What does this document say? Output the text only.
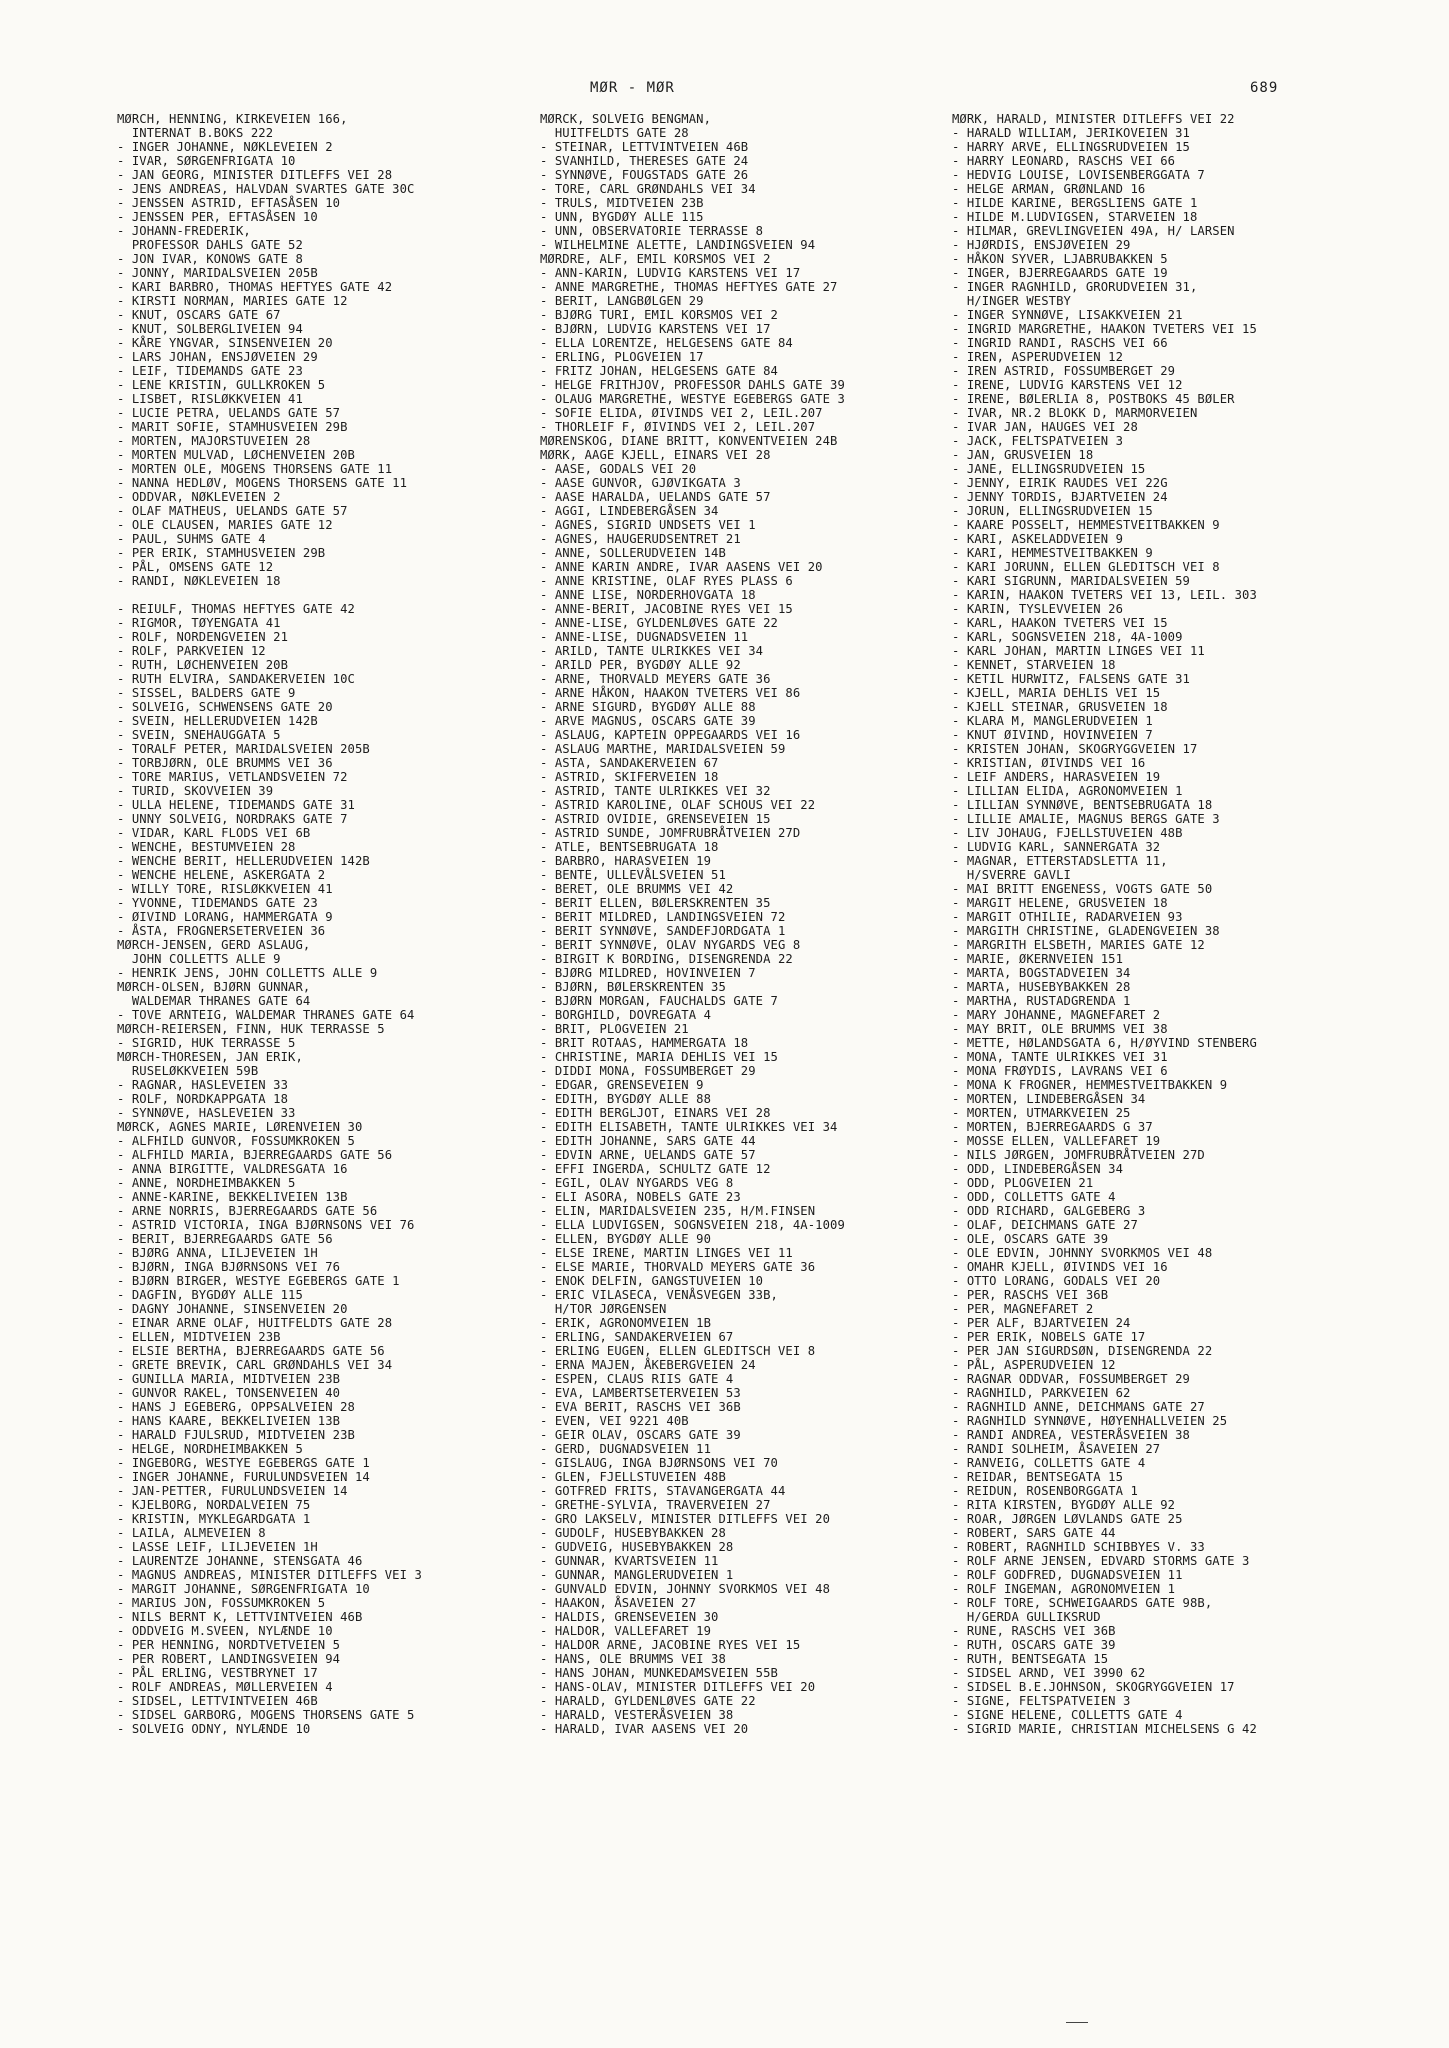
MØR - MØR	689
MØRCH, HENNING, KIRKEVEIEN 166,
INTERNAT B.BOKS 222
- INGER JOHANNE, NØKLEVEIEN 2
- IVAR, SØRGENFRIGATA 10
- JAN GEORG, MINISTER DITLEFFS VEI 28
- JENS ANDREAS, HALVDAN SVARTES GATE 30C
- JENSSEN ASTRID, EFTASÅSEN 10
- JENSSEN PER, EFTASÅSEN 10
- JOHANN-FREDERIK,
PROFESSOR DAHLS GATE 52
- JON IVAR, KONOWS GATE 8
- JONNY, MARIDALSVEIEN 205B
- KARI BARBRO, THOMAS HEFTYES GATE 42
- KIRSTI NORMAN, MARIES GATE 12
- KNUT, OSCARS GATE 67
- KNUT, SOLBERGLIVEIEN 94
- KÅRE YNGVAR, SINSENVEIEN 20
- LARS JOHAN, ENSJØVEIEN 29
- LEIF, TIDEMANDS GATE 23
- LENE KRISTIN, GULLKROKEN 5
- LISBET, RISLØKKVEIEN 41
- LUCIE PETRA, UELANDS GATE 57
- MARIT SOFIE, STAMHUSVEIEN 29B
- MORTEN, MAJORSTUVEIEN 28
- MORTEN MULVAD, LØCHENVEIEN 20B
- MORTEN OLE, MOGENS THORSENS GATE 11
- NANNA HEDLØV, MOGENS THORSENS GATE 11
- ODDVAR, NØKLEVEIEN 2
- OLAF MATHEUS, UELANDS GATE 57
- OLE CLAUSEN, MARIES GATE 12
- PAUL, SUHMS GATE 4
- PER ERIK, STAMHUSVEIEN 29B
- PÅL, OMSENS GATE 12
- RANDI, NØKLEVEIEN 18
- REIULF, THOMAS HEFTYES GATE 42
- RIGMOR, TØYENGATA 41
- ROLF, NORDENGVEIEN 21
- ROLF, PARKVEIEN 12
- RUTH, LØCHENVEIEN 20B
- RUTH ELVIRA, SANDAKERVEIEN 10C
- SISSEL, BALDERS GATE 9
- SOLVEIG, SCHWENSENS GATE 20
- SVEIN, HELLERUDVEIEN 142B
- SVEIN, SNEHAUGGATA 5
- TORALF PETER, MARIDALSVEIEN 205B
- TORBJØRN, OLE BRUMMS VEI 36
- TORE MARIUS, VETLANDSVEIEN 72
- TURID, SKOVVEIEN 39
- ULLA HELENE, TIDEMANDS GATE 31
- UNNY SOLVEIG, NORDRAKS GATE 7
- VIDAR, KARL FLODS VEI 6B
- WENCHE, BESTUMVEIEN 28
- WENCHE BERIT, HELLERUDVEIEN 142B
- WENCHE HELENE, ASKERGATA 2
- WILLY TORE, RISLØKKVEIEN 41
- YVONNE, TIDEMANDS GATE 23
- ØIVIND LORANG, HAMMERGATA 9
- ÅSTA, FROGNERSETERVEIEN 36
MØRCH-JENSEN, GERD ASLAUG,
JOHN COLLETTS ALLE 9
- HENRIK JENS, JOHN COLLETTS ALLE 9
MØRCH-OLSEN, BJØRN GUNNAR,
WALDEMAR THRANES GATE 64
- TOVE ARNTEIG, WALDEMAR THRANES GATE 64
MØRCH-REIERSEN, FINN, HUK TERRASSE 5
- SIGRID, HUK TERRASSE 5
MØRCH-THORESEN, JAN ERIK,
RUSELØKKVEIEN 59B
- RAGNAR, HASLEVEIEN 33
- ROLF, NORDKAPPGATA 18
- SYNNØVE, HASLEVEIEN 33
MØRCK, AGNES MARIE, LØRENVEIEN 30
- ALFHILD GUNVOR, FOSSUMKROKEN 5
- ALFHILD MARIA, BJERREGAARDS GATE 56
- ANNA BIRGITTE, VALDRESGATA 16
- ANNE, NORDHEIMBAKKEN 5
- ANNE-KARINE, BEKKELIVEIEN 13B
- ARNE NORRIS, BJERREGAARDS GATE 56
- ASTRID VICTORIA, INGA BJØRNSONS VEI 76
- BERIT, BJERREGAARDS GATE 56
- BJØRG ANNA, LILJEVEIEN 1H
- BJØRN, INGA BJØRNSONS VEI 76
- BJØRN BIRGER, WESTYE EGEBERGS GATE 1
- DAGFIN, BYGDØY ALLE 115
- DAGNY JOHANNE, SINSENVEIEN 20
- EINAR ARNE OLAF, HUITFELDTS GATE 28
- ELLEN, MIDTVEIEN 23B
- ELSIE BERTHA, BJERREGAARDS GATE 56
- GRETE BREVIK, CARL GRØNDAHLS VEI 34
- GUNILLA MARIA, MIDTVEIEN 23B
- GUNVOR RAKEL, TONSENVEIEN 40
- HANS J EGEBERG, OPPSALVEIEN 28
- HANS KAARE, BEKKELIVEIEN 13B
- HARALD FJULSRUD, MIDTVEIEN 23B
- HELGE, NORDHEIMBAKKEN 5
- INGEBORG, WESTYE EGEBERGS GATE 1
- INGER JOHANNE, FURULUNDSVEIEN 14
- JAN-PETTER, FURULUNDSVEIEN 14
- KJELBORG, NORDALVEIEN 75
- KRISTIN, MYKLEGARDGATA 1
- LAILA, ALMEVEIEN 8
- LASSE LEIF, LILJEVEIEN 1H
- LAURENTZE JOHANNE, STENSGATA 46
- MAGNUS ANDREAS, MINISTER DITLEFFS VEI 3
- MARGIT JOHANNE, SØRGENFRIGATA 10
- MARIUS JON, FOSSUMKROKEN 5
- NILS BERNT K, LETTVINTVEIEN 46B
- ODDVEIG M.SVEEN, NYLÆNDE 10
- PER HENNING, NORDTVETVEIEN 5
- PER ROBERT, LANDINGSVEIEN 94
- PÅL ERLING, VESTBRYNET 17
- ROLF ANDREAS, MØLLERVEIEN 4
- SIDSEL, LETTVINTVEIEN 46B
- SIDSEL GARBORG, MOGENS THORSENS GATE 5
- SOLVEIG ODNY, NYLÆNDE 10
MØRCK, SOLVEIG BENGMAN,
HUITFELDTS GATE 28
- STEINAR, LETTVINTVEIEN 46B
- SVANHILD, THERESES GATE 24
- SYNNØVE, FOUGSTADS GATE 26
- TORE, CARL GRØNDAHLS VEI 34
- TRULS, MIDTVEIEN 23B
- UNN, BYGDØY ALLE 115
- UNN, OBSERVATORIE TERRASSE 8
- WILHELMINE ALETTE, LANDINGSVEIEN 94
MØRDRE, ALF, EMIL KORSMOS VEI 2
- ANN-KARIN, LUDVIG KARSTENS VEI 17
- ANNE MARGRETHE, THOMAS HEFTYES GATE 27
- BERIT, LANGBØLGEN 29
- BJØRG TURI, EMIL KORSMOS VEI 2
- BJØRN, LUDVIG KARSTENS VEI 17
- ELLA LORENTZE, HELGESENS GATE 84
- ERLING, PLOGVEIEN 17
- FRITZ JOHAN, HELGESENS GATE 84
- HELGE FRITHJOV, PROFESSOR DAHLS GATE 39
- OLAUG MARGRETHE, WESTYE EGEBERGS GATE 3
- SOFIE ELIDA, ØIVINDS VEI 2, LEIL.207
- THORLEIF F, ØIVINDS VEI 2, LEIL.207
MØRENSKOG, DIANE BRITT, KONVENTVEIEN 24B
MØRK, AAGE KJELL, EINARS VEI 28
- AASE, GODALS VEI 20
- AASE GUNVOR, GJØVIKGATA 3
- AASE HARALDA, UELANDS GATE 57
- AGGI, LINDEBERGÅSEN 34
- AGNES, SIGRID UNDSETS VEI 1
- AGNES, HAUGERUDSENTRET 21
- ANNE, SOLLERUDVEIEN 14B
- ANNE KARIN ANDRE, IVAR AASENS VEI 20
- ANNE KRISTINE, OLAF RYES PLASS 6
- ANNE LISE, NORDERHOVGATA 18
- ANNE-BERIT, JACOBINE RYES VEI 15
- ANNE-LISE, GYLDENLØVES GATE 22
- ANNE-LISE, DUGNADSVEIEN 11
- ARILD, TANTE ULRIKKES VEI 34
- ARILD PER, BYGDØY ALLE 92
- ARNE, THORVALD MEYERS GATE 36
- ARNE HÅKON, HAAKON TVETERS VEI 86
- ARNE SIGURD, BYGDØY ALLE 88
- ARVE MAGNUS, OSCARS GATE 39
- ASLAUG, KAPTEIN OPPEGAARDS VEI 16
- ASLAUG MARTHE, MARIDALSVEIEN 59
- ASTA, SANDAKERVEIEN 67
- ASTRID, SKIFERVEIEN 18
- ASTRID, TANTE ULRIKKES VEI 32
- ASTRID KAROLINE, OLAF SCHOUS VEI 22
- ASTRID OVIDIE, GRENSEVEIEN 15
- ASTRID SUNDE, JOMFRUBRÅTVEIEN 27D
- ATLE, BENTSEBRUGATA 18
- BARBRO, HARASVEIEN 19
- BENTE, ULLEVÅLSVEIEN 51
- BERET, OLE BRUMMS VEI 42
- BERIT ELLEN, BØLERSKRENTEN 35
- BERIT MILDRED, LANDINGSVEIEN 72
- BERIT SYNNØVE, SANDEFJORDGATA 1
- BERIT SYNNØVE, OLAV NYGARDS VEG 8
- BIRGIT K BORDING, DISENGRENDA 22
- BJØRG MILDRED, HOVINVEIEN 7
- BJØRN, BØLERSKRENTEN 35
- BJØRN MORGAN, FAUCHALDS GATE 7
- BORGHILD, DOVREGATA 4
- BRIT, PLOGVEIEN 21
- BRIT ROTAAS, HAMMERGATA 18
- CHRISTINE, MARIA DEHLIS VEI 15
- DIDDI MONA, FOSSUMBERGET 29
- EDGAR, GRENSEVEIEN 9
- EDITH, BYGDØY ALLE 88
- EDITH BERGLJOT, EINARS VEI 28
- EDITH ELISABETH, TANTE ULRIKKES VEI 34
- EDITH JOHANNE, SARS GATE 44
- EDVIN ARNE, UELANDS GATE 57
- EFFI INGERDA, SCHULTZ GATE 12
- EGIL, OLAV NYGARDS VEG 8
- ELI ASORA, NOBELS GATE 23
- ELIN, MARIDALSVEIEN 235, H/M.FINSEN
- ELLA LUDVIGSEN, SOGNSVEIEN 218, 4A-1009
- ELLEN, BYGDØY ALLE 90
- ELSE IRENE, MARTIN LINGES VEI 11
- ELSE MARIE, THORVALD MEYERS GATE 36
- ENOK DELFIN, GANGSTUVEIEN 10
- ERIC VILASECA, VENÅSVEGEN 33B,
H/TOR JØRGENSEN
- ERIK, AGRONOMVEIEN 1B
- ERLING, SANDAKERVEIEN 67
- ERLING EUGEN, ELLEN GLEDITSCH VEI 8
- ERNA MAJEN, ÅKEBERGVEIEN 24
- ESPEN, CLAUS RIIS GATE 4
- EVA, LAMBERTSETERVEIEN 53
- EVA BERIT, RASCHS VEI 36B
- EVEN, VEI 9221 40B
- GEIR OLAV, OSCARS GATE 39
- GERD, DUGNADSVEIEN 11
- GISLAUG, INGA BJØRNSONS VEI 70
- GLEN, FJELLSTUVEIEN 48B
- GOTFRED FRITS, STAVANGERGATA 44
- GRETHE-SYLVIA, TRAVERVEIEN 27
- GRO LAKSELV, MINISTER DITLEFFS VEI 20
- GUDOLF, HUSEBYBAKKEN 28
- GUDVEIG, HUSEBYBAKKEN 28
- GUNNAR, KVARTSVEIEN 11
- GUNNAR, MANGLERUDVEIEN 1
- GUNVALD EDVIN, JOHNNY SVORKMOS VEI 48
- HAAKON, ÅSAVEIEN 27
- HALDIS, GRENSEVEIEN 30
- HALDOR, VALLEFARET 19
- HALDOR ARNE, JACOBINE RYES VEI 15
- HANS, OLE BRUMMS VEI 38
- HANS JOHAN, MUNKEDAMSVEIEN 55B
- HANS-OLAV, MINISTER DITLEFFS VEI 20
- HARALD, GYLDENLØVES GATE 22
- HARALD, VESTERÅSVEIEN 38
- HARALD, IVAR AASENS VEI 20
MØRK, HARALD, MINISTER DITLEFFS VEI 22
- HARALD WILLIAM, JERIKOVEIEN 31
- HARRY ARVE, ELLINGSRUDVEIEN 15
- HARRY LEONARD, RASCHS VEI 66
- HEDVIG LOUISE, LOVISENBERGGATA 7
- HELGE ARMAN, GRØNLAND 16
- HILDE KARINE, BERGSLIENS GATE 1
- HILDE M.LUDVIGSEN, STARVEIEN 18
- HILMAR, GREVLINGVEIEN 49A, H/ LARSEN
- HJØRDIS, ENSJØVEIEN 29
- HÅKON SYVER, LJABRUBAKKEN 5
- INGER, BJERREGAARDS GATE 19
- INGER RAGNHILD, GRORUDVEIEN 31,
H/INGER WESTBY
- INGER SYNNØVE, LISAKKVEIEN 21
- INGRID MARGRETHE, HAAKON TVETERS VEI 15
- INGRID RANDI, RASCHS VEI 66
- IREN, ASPERUDVEIEN 12
- IREN ASTRID, FOSSUMBERGET 29
- IRENE, LUDVIG KARSTENS VEI 12
- IRENE, BØLERLIA 8, POSTBOKS 45 BØLER
- IVAR, NR.2 BLOKK D, MARMORVEIEN
- IVAR JAN, HAUGES VEI 28
- JACK, FELTSPATVEIEN 3
- JAN, GRUSVEIEN 18
- JANE, ELLINGSRUDVEIEN 15
- JENNY, EIRIK RAUDES VEI 22G
- JENNY TORDIS, BJARTVEIEN 24
- JORUN, ELLINGSRUDVEIEN 15
- KAARE POSSELT, HEMMESTVEITBAKKEN 9
- KARI, ASKELADDVEIEN 9
- KARI, HEMMESTVEITBAKKEN 9
- KARI JORUNN, ELLEN GLEDITSCH VEI 8
- KARI SIGRUNN, MARIDALSVEIEN 59
- KARIN, HAAKON TVETERS VEI 13, LEIL. 303
- KARIN, TYSLEVVEIEN 26
- KARL, HAAKON TVETERS VEI 15
- KARL, SOGNSVEIEN 218, 4A-1009
- KARL JOHAN, MARTIN LINGES VEI 11
- KENNET, STARVEIEN 18
- KETIL HURWITZ, FALSENS GATE 31
- KJELL, MARIA DEHLIS VEI 15
- KJELL STEINAR, GRUSVEIEN 18
- KLARA M, MANGLERUDVEIEN 1
- KNUT ØIVIND, HOVINVEIEN 7
- KRISTEN JOHAN, SKOGRYGGVEIEN 17
- KRISTIAN, ØIVINDS VEI 16
- LEIF ANDERS, HARASVEIEN 19
- LILLIAN ELIDA, AGRONOMVEIEN 1
- LILLIAN SYNNØVE, BENTSEBRUGATA 18
- LILLIE AMALIE, MAGNUS BERGS GATE 3
- LIV JOHAUG, FJELLSTUVEIEN 48B
- LUDVIG KARL, SANNERGATA 32
- MAGNAR, ETTERSTADSLETTA 11,
H/SVERRE GAVLI
- MAI BRITT ENGENESS, VOGTS GATE 50
- MARGIT HELENE, GRUSVEIEN 18
- MARGIT OTHILIE, RADARVEIEN 93
- MARGITH CHRISTINE, GLADENGVEIEN 38
- MARGRITH ELSBETH, MARIES GATE 12
- MARIE, ØKERNVEIEN 151
- MARTA, BOGSTADVEIEN 34
- MARTA, HUSEBYBAKKEN 28
- MARTHA, RUSTADGRENDA 1
- MARY JOHANNE, MAGNEFARET 2
- MAY BRIT, OLE BRUMMS VEI 38
- METTE, HØLANDSGATA 6, H/ØYVIND STENBERG
- MONA, TANTE ULRIKKES VEI 31
- MONA FRØYDIS, LAVRANS VEI 6
- MONA K FROGNER, HEMMESTVEITBAKKEN 9
- MORTEN, LINDEBERGÅSEN 34
- MORTEN, UTMARKVEIEN 25
- MORTEN, BJERREGAARDS G 37
- MOSSE ELLEN, VALLEFARET 19
- NILS JØRGEN, JOMFRUBRÅTVEIEN 27D
- ODD, LINDEBERGÅSEN 34
- ODD, PLOGVEIEN 21
- ODD, COLLETTS GATE 4
- ODD RICHARD, GALGEBERG 3
- OLAF, DEICHMANS GATE 27
- OLE, OSCARS GATE 39
- OLE EDVIN, JOHNNY SVORKMOS VEI 48
- OMAHR KJELL, ØIVINDS VEI 16
- OTTO LORANG, GODALS VEI 20
- PER, RASCHS VEI 36B
- PER, MAGNEFARET 2
- PER ALF, BJARTVEIEN 24
- PER ERIK, NOBELS GATE 17
- PER JAN SIGURDSØN, DISENGRENDA 22
- PÅL, ASPERUDVEIEN 12
- RAGNAR ODDVAR, FOSSUMBERGET 29
- RAGNHILD, PARKVEIEN 62
- RAGNHILD ANNE, DEICHMANS GATE 27
- RAGNHILD SYNNØVE, HØYENHALLVEIEN 25
- RANDI ANDREA, VESTERÅSVEIEN 38
- RANDI SOLHEIM, ÅSAVEIEN 27
- RANVEIG, COLLETTS GATE 4
- REIDAR, BENTSEGATA 15
- REIDUN, ROSENBORGGATA 1
- RITA KIRSTEN, BYGDØY ALLE 92
- ROAR, JØRGEN LØVLANDS GATE 25
- ROBERT, SARS GATE 44
- ROBERT, RAGNHILD SCHIBBYES V. 33
- ROLF ARNE JENSEN, EDVARD STORMS GATE 3
- ROLF GODFRED, DUGNADSVEIEN 11
- ROLF INGEMAN, AGRONOMVEIEN 1
- ROLF TORE, SCHWEIGAARDS GATE 98B,
H/GERDA GULLIKSRUD
- RUNE, RASCHS VEI 36B
- RUTH, OSCARS GATE 39
- RUTH, BENTSEGATA 15
- SIDSEL ARND, VEI 3990 62
- SIDSEL B.E.JOHNSON, SKOGRYGGVEIEN 17
- SIGNE, FELTSPATVEIEN 3
- SIGNE HELENE, COLLETTS GATE 4
- SIGRID MARIE, CHRISTIAN MICHELSENS G 42
